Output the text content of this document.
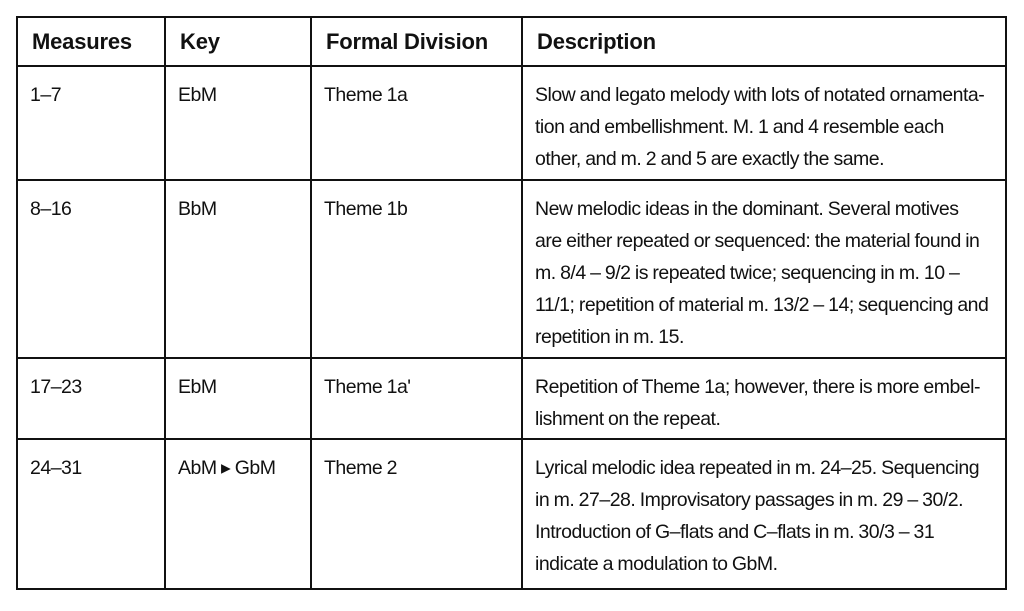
Measures	Key	Formal Division	Description
1–7	EbM	Theme 1a	Slow and legato melody with lots of notated ornamenta-tion and embellishment. M. 1 and 4 resemble each other, and m. 2 and 5 are exactly the same.
8–16	BbM	Theme 1b	New melodic ideas in the dominant. Several motives are either repeated or sequenced: the material found in m. 8/4 – 9/2 is repeated twice; sequencing in m. 10 – 11/1; repetition of material m. 13/2 – 14; sequencing and repetition in m. 15.
17–23	EbM	Theme 1a'	Repetition of Theme 1a; however, there is more embel-lishment on the repeat.
24–31	AbM ▸ GbM	Theme 2	Lyrical melodic idea repeated in m. 24–25. Sequencing in m. 27–28. Improvisatory passages in m. 29 – 30/2. Introduction of G–flats and C–flats in m. 30/3 – 31 indicate a modulation to GbM.
